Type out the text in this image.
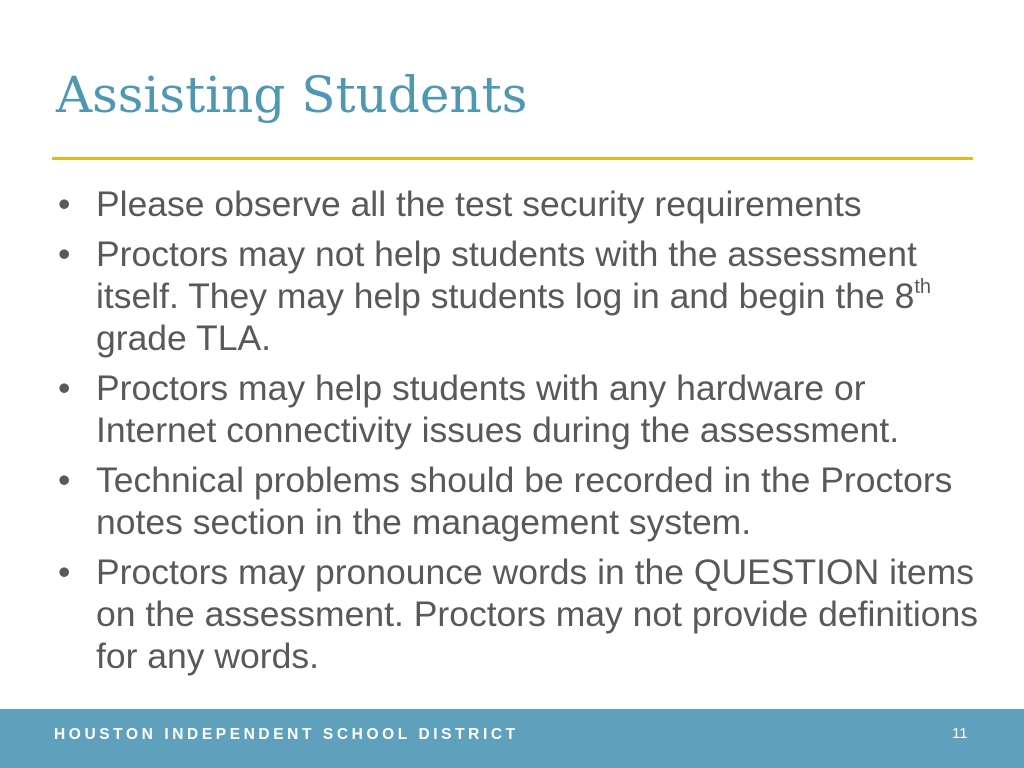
Assisting Students
• Please observe all the test security requirements
• Proctors may not help students with the assessment itself. They may help students log in and begin the 8th grade TLA.
• Proctors may help students with any hardware or Internet connectivity issues during the assessment.
• Technical problems should be recorded in the Proctors notes section in the management system.
• Proctors may pronounce words in the QUESTION items on the assessment. Proctors may not provide definitions for any words.
HOUSTON INDEPENDENT SCHOOL DISTRICT	11
